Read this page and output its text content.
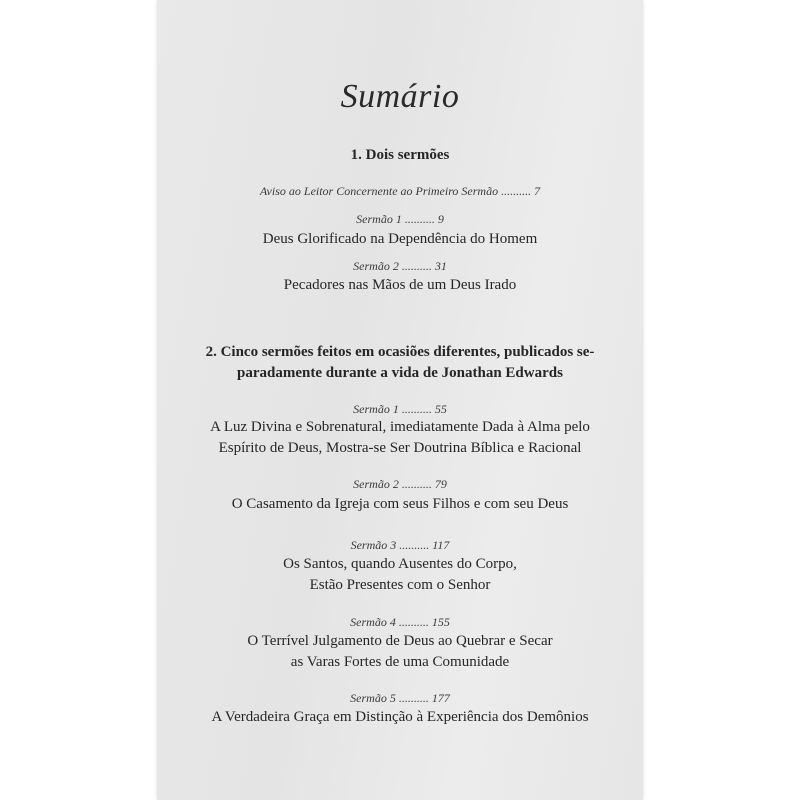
Sumário
1. Dois sermões
Aviso ao Leitor Concernente ao Primeiro Sermão .......... 7
Sermão 1 .......... 9
Deus Glorificado na Dependência do Homem
Sermão 2 .......... 31
Pecadores nas Mãos de um Deus Irado
2. Cinco sermões feitos em ocasiões diferentes, publicados se-
paradamente durante a vida de Jonathan Edwards
Sermão 1 .......... 55
A Luz Divina e Sobrenatural, imediatamente Dada à Alma pelo
Espírito de Deus, Mostra-se Ser Doutrina Bíblica e Racional
Sermão 2 .......... 79
O Casamento da Igreja com seus Filhos e com seu Deus
Sermão 3 .......... 117
Os Santos, quando Ausentes do Corpo,
Estão Presentes com o Senhor
Sermão 4 .......... 155
O Terrível Julgamento de Deus ao Quebrar e Secar
as Varas Fortes de uma Comunidade
Sermão 5 .......... 177
A Verdadeira Graça em Distinção à Experiência dos Demônios
